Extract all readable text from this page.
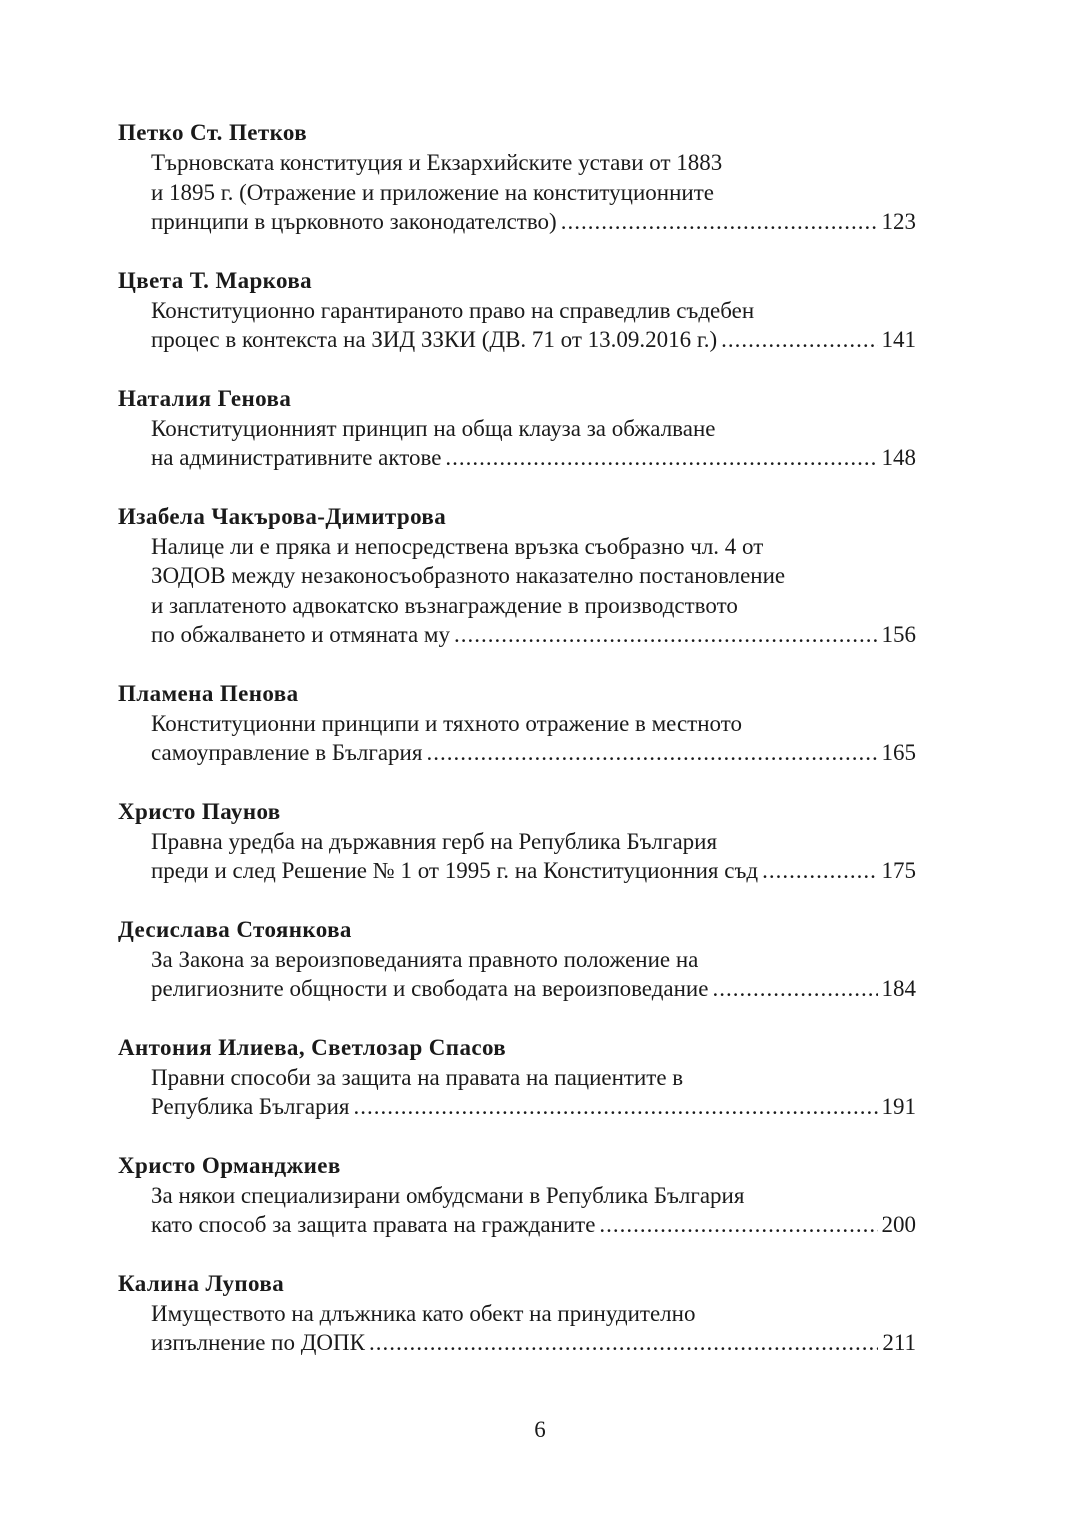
Петко Ст. Петков
Търновската конституция и Екзархийските устави от 1883
и 1895 г. (Отражение и приложение на конституционните
принципи в църковното законодателство) .....	123
Цвета Т. Маркова
Конституционно гарантираното право на справедлив съдебен
процес в контекста на ЗИД ЗЗКИ (ДВ. 71 от 13.09.2016 г.) .....	141
Наталия Генова
Конституционният принцип на обща клауза за обжалване
на административните актове .....	148
Изабела Чакърова-Димитрова
Налице ли е пряка и непосредствена връзка съобразно чл. 4 от
ЗОДОВ между незаконосъобразното наказателно постановление
и заплатеното адвокатско възнаграждение в производството
по обжалването и отмяната му .....	156
Пламена Пенова
Конституционни принципи и тяхното отражение в местното
самоуправление в България .....	165
Христо Паунов
Правна уредба на държавния герб на Република България
преди и след Решение № 1 от 1995 г. на Конституционния съд .....	175
Десислава Стоянкова
За Закона за вероизповеданията правното положение на
религиозните общности и свободата на вероизповедание .....	184
Антония Илиева, Светлозар Спасов
Правни способи за защита на правата на пациентите в
Република България .....	191
Христо Орманджиев
За някои специализирани омбудсмани в Република България
като способ за защита правата на гражданите .....	200
Калина Лупова
Имуществото на длъжника като обект на принудително
изпълнение по ДОПК .....	211
6
